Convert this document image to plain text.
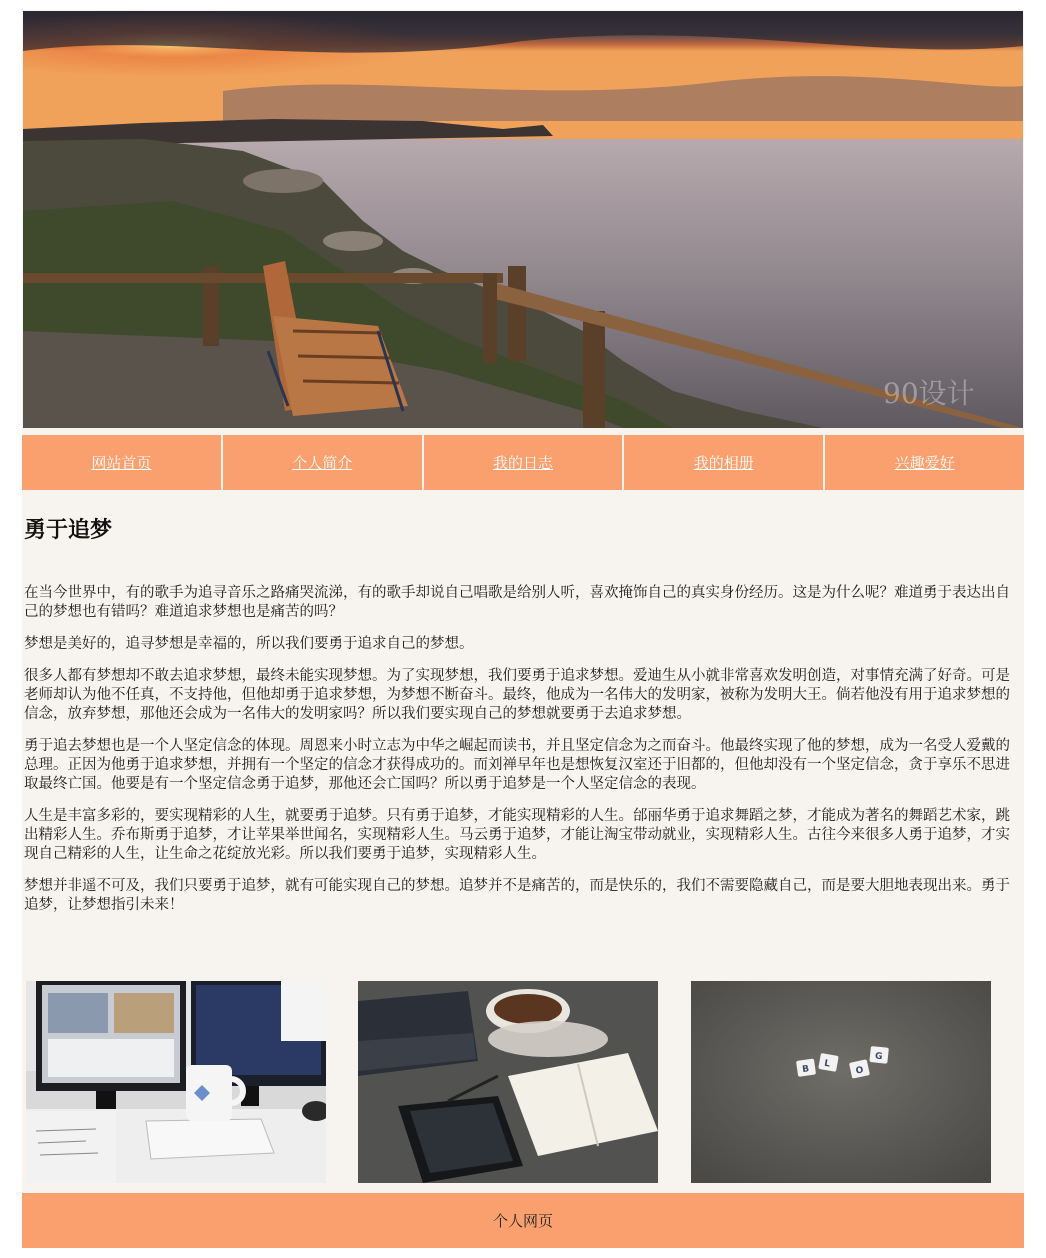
90设计
网站首页	个人简介	我的日志	我的相册	兴趣爱好
勇于追梦

在当今世界中，有的歌手为追寻音乐之路痛哭流涕，有的歌手却说自己唱歌是给别人听，喜欢掩饰自己的真实身份经历。这是为什么呢？难道勇于表达出自己的梦想也有错吗？难道追求梦想也是痛苦的吗？

梦想是美好的，追寻梦想是幸福的，所以我们要勇于追求自己的梦想。

很多人都有梦想却不敢去追求梦想，最终未能实现梦想。为了实现梦想，我们要勇于追求梦想。爱迪生从小就非常喜欢发明创造，对事情充满了好奇。可是老师却认为他不任真，不支持他，但他却勇于追求梦想，为梦想不断奋斗。最终，他成为一名伟大的发明家，被称为发明大王。倘若他没有用于追求梦想的信念，放弃梦想，那他还会成为一名伟大的发明家吗？所以我们要实现自己的梦想就要勇于去追求梦想。

勇于追去梦想也是一个人坚定信念的体现。周恩来小时立志为中华之崛起而读书，并且坚定信念为之而奋斗。他最终实现了他的梦想，成为一名受人爱戴的总理。正因为他勇于追求梦想，并拥有一个坚定的信念才获得成功的。而刘禅早年也是想恢复汉室还于旧都的，但他却没有一个坚定信念，贪于享乐不思进取最终亡国。他要是有一个坚定信念勇于追梦，那他还会亡国吗？所以勇于追梦是一个人坚定信念的表现。

人生是丰富多彩的，要实现精彩的人生，就要勇于追梦。只有勇于追梦，才能实现精彩的人生。邰丽华勇于追求舞蹈之梦，才能成为著名的舞蹈艺术家，跳出精彩人生。乔布斯勇于追梦，才让苹果举世闻名，实现精彩人生。马云勇于追梦，才能让淘宝带动就业，实现精彩人生。古往今来很多人勇于追梦，才实现自己精彩的人生，让生命之花绽放光彩。所以我们要勇于追梦，实现精彩人生。

梦想并非遥不可及，我们只要勇于追梦，就有可能实现自己的梦想。追梦并不是痛苦的，而是快乐的，我们不需要隐藏自己，而是要大胆地表现出来。勇于追梦，让梦想指引未来！

B
L
O
G
个人网页
